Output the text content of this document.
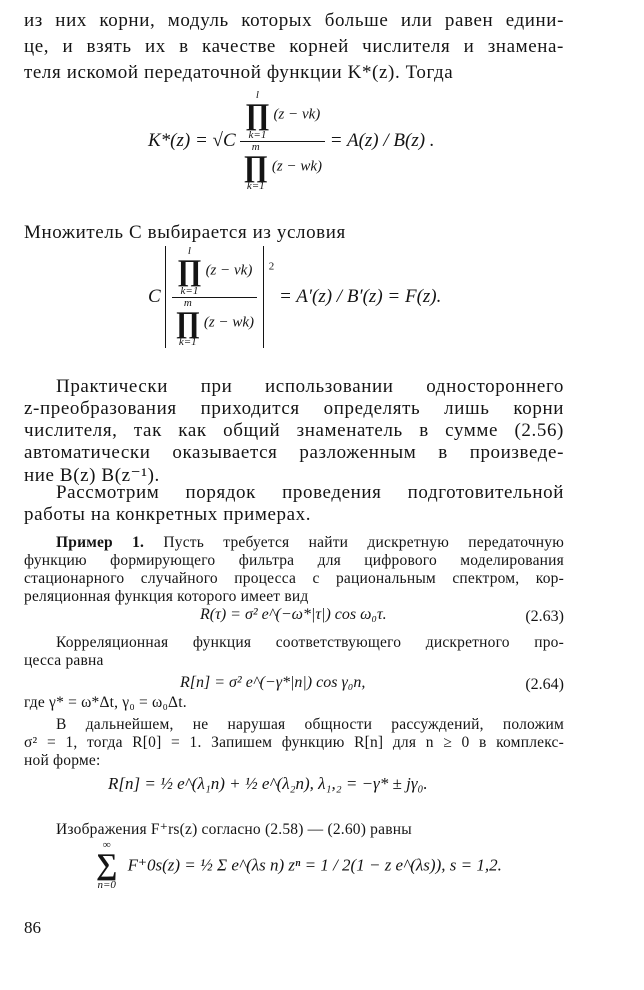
из них корни, модуль которых больше или равен едини-
це, и взять их в качестве корней числителя и знамена-
теля искомой передаточной функции K*(z). Тогда
K*(z) = √C l
∏
k=1
(z − vk)
m
∏
k=1
(z − wk) = A(z) / B(z) .
Множитель C выбирается из условия
C
l
∏
k=1
(z − vk)
m
∏
k=1
(z − wk)
$^2$ = A′(z) / B′(z) = F(z).
Практически при использовании одностороннего
z-преобразования приходится определять лишь корни
числителя, так как общий знаменатель в сумме (2.56)
автоматически оказывается разложенным в произведе-
ние B(z) B(z⁻¹).
Рассмотрим порядок проведения подготовительной
работы на конкретных примерах.
Пример 1. Пусть требуется найти дискретную передаточную
функцию формирующего фильтра для цифрового моделирования
стационарного случайного процесса с рациональным спектром, кор-
реляционная функция которого имеет вид
R(τ) = σ² e^(−ω*|τ|) cos ω₀τ.	(2.63)
Корреляционная функция соответствующего дискретного про-
цесса равна
R[n] = σ² e^(−γ*|n|) cos γ₀n,	(2.64)
где γ* = ω*Δt, γ₀ = ω₀Δt.
В дальнейшем, не нарушая общности рассуждений, положим
σ² = 1, тогда R[0] = 1. Запишем функцию R[n] для n ≥ 0 в комплекс-
ной форме:
R[n] = ½ e^(λ₁n) + ½ e^(λ₂n), λ₁,₂ = −γ* ± jγ₀.
Изображения F⁺rs(z) согласно (2.58) — (2.60) равны
∞
∑
n=0
F⁺0s(z) = ½ Σ e^(λs n) zⁿ = 1 / 2(1 − z e^(λs)), s = 1,2.
86
